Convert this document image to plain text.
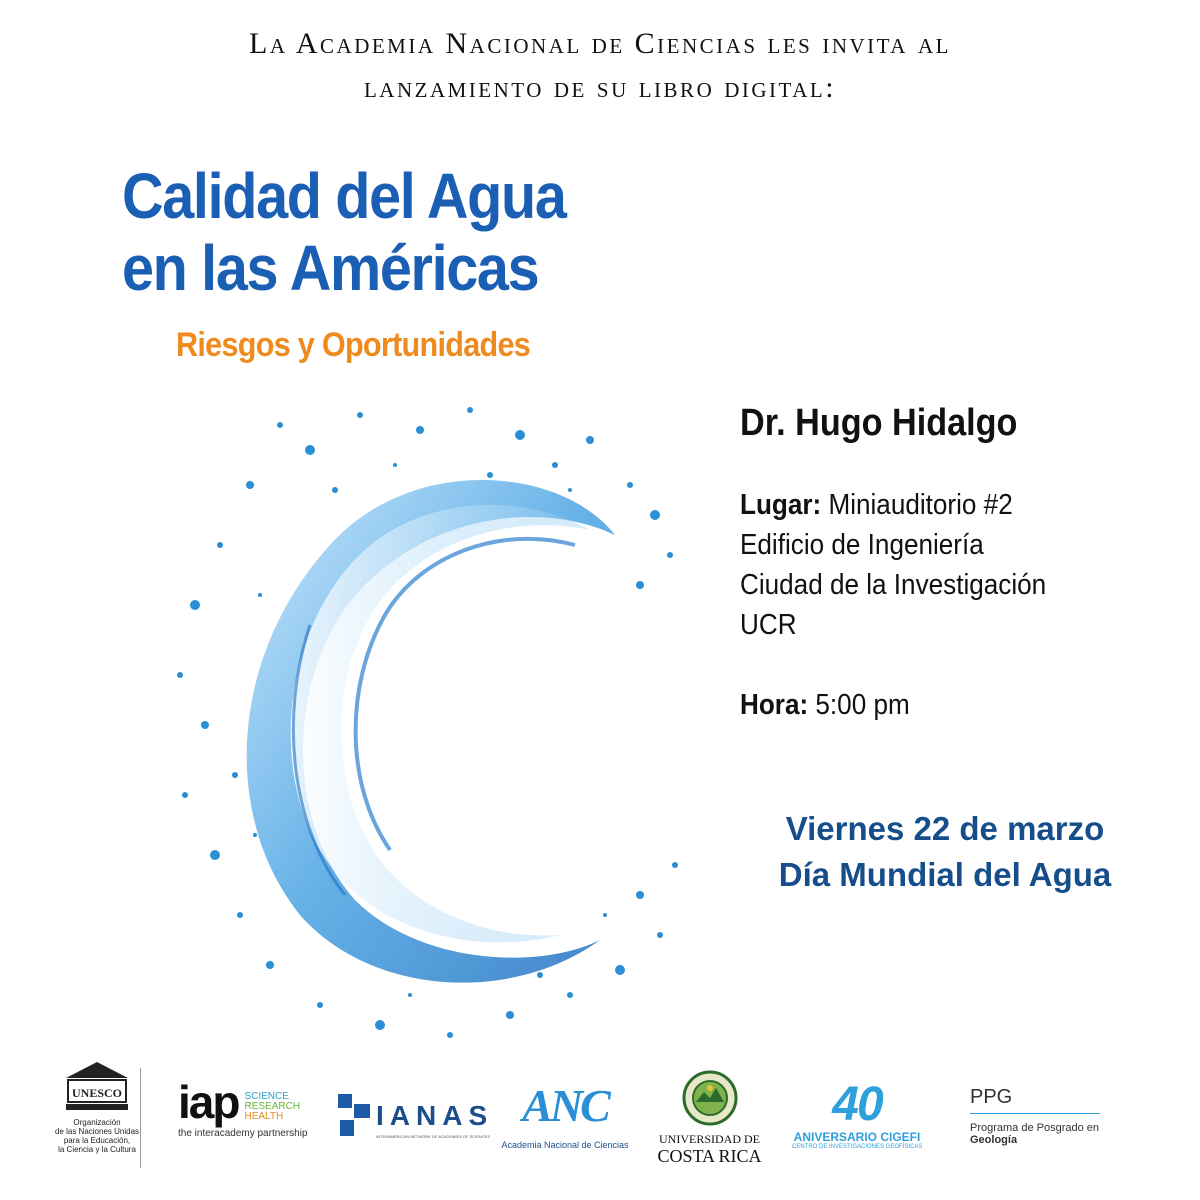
La Academia Nacional de Ciencias les invita al
lanzamiento de su libro digital:
Calidad del Agua
en las Américas
Riesgos y Oportunidades
Dr. Hugo Hidalgo
Lugar: Miniauditorio #2
Edificio de Ingeniería
Ciudad de la Investigación
UCR
Hora: 5:00 pm
Viernes 22 de marzo
Día Mundial del Agua
UNESCO
Organización
de las Naciones Unidas
para la Educación,
la Ciencia y la Cultura
iap SCIENCE
RESEARCH
HEALTH
the interacademy partnership
IANAS
INTERAMERICAN NETWORK OF ACADEMIES OF SCIENCES
ANC
Academia Nacional de Ciencias	UNIVERSIDAD DE
COSTA RICA
40
ANIVERSARIO CIGEFI
CENTRO DE INVESTIGACIONES GEOFÍSICAS
PPG
Programa de Posgrado en
Geología
